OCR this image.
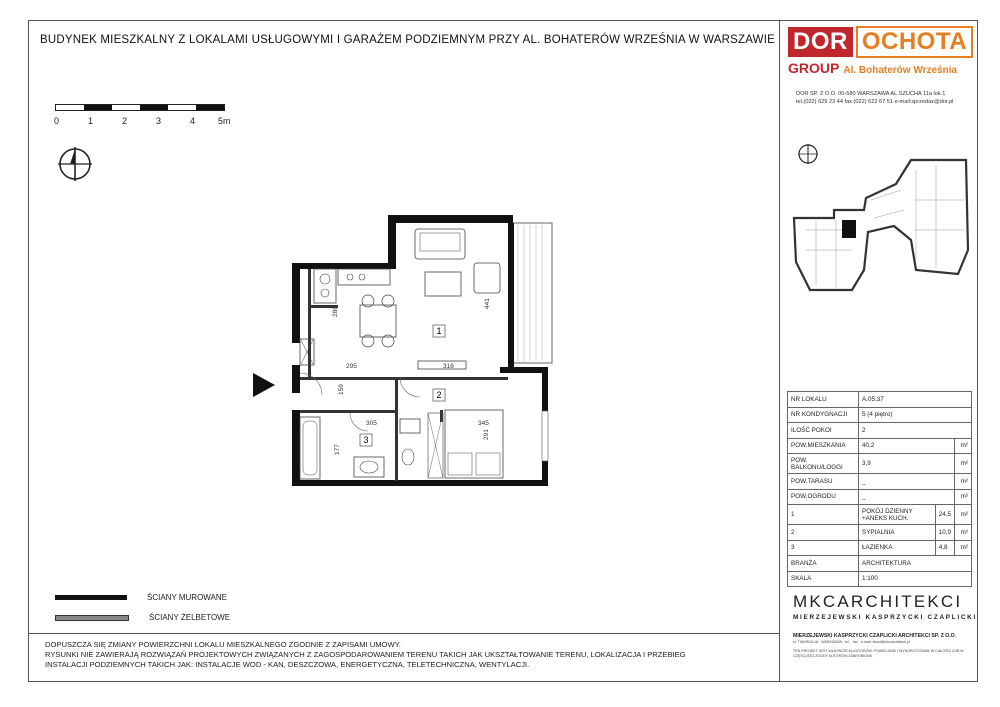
BUDYNEK MIESZKALNY Z LOKALAMI USŁUGOWYMI I GARAŻEM PODZIEMNYM PRZY AL. BOHATERÓW WRZEŚNIA W WARSZAWIE
0	1	2	3	4	5m
DOR OCHOTA
GROUP Al. Bohaterów Września
DOR SP. Z O.O. 00-580 WARSZAWA AL.SZUCHA 11a lok.1
tel.(022) 629 23 44 fax.(022) 622 67 51 e-mail:sprzedaz@dor.pl
1
2
3
286
441
295	316
159
305	345
291
177
ŚCIANY MUROWANE
ŚCIANY ŻELBETOWE
DOPUSZCZA SIĘ ZMIANY POWIERZCHNI LOKALU MIESZKALNEGO ZGODNIE Z ZAPISAMI UMOWY.
RYSUNKI NIE ZAWIERAJĄ ROZWIĄZAŃ PROJEKTOWYCH ZWIĄZANYCH Z ZAGOSPODAROWANIEM TERENU TAKICH JAK UKSZTAŁTOWANIE TERENU, LOKALIZACJA I PRZEBIEG
INSTALACJI PODZIEMNYCH TAKICH JAK: INSTALACJE WOD - KAN, DESZCZOWA, ENERGETYCZNA, TELETECHNICZNA, WENTYLACJI.
NR LOKALU	A.05.37		
NR KONDYGNACJI	5 (4 piętro)		
ILOŚĆ POKOI	2		
POW.MIESZKANIA	40,2		m²
POW. BALKONU/LOGGI	3,9		m²
POW.TARASU	_		m²
POW.OGRODU	_		m²
1	POKÓJ DZIENNY +ANEKS KUCH.	24,5	m²
2	SYPIALNIA	10,9	m²
3	ŁAZIENKA	4,8	m²
BRANŻA	ARCHITEKTURA		
SKALA	1:100		
MKCARCHITEKCI
MIERZEJEWSKI KASPRZYCKI CZAPLICKI
MIERZEJEWSKI KASPRZYCKI CZAPLICKI ARCHITEKCI SP. Z O.O.
ul. TWARDA 18 · WARSZAWA · tel. · fax · e-mail: biuro@mkcarchitekci.pl
TEN PROJEKT JEST WŁASNOŚCIĄ AUTORÓW. POWIELANIE I WYKORZYSTANIE W CAŁOŚCI LUB W CZĘŚCI BEZ ZGODY AUTORÓW ZABRONIONE.
